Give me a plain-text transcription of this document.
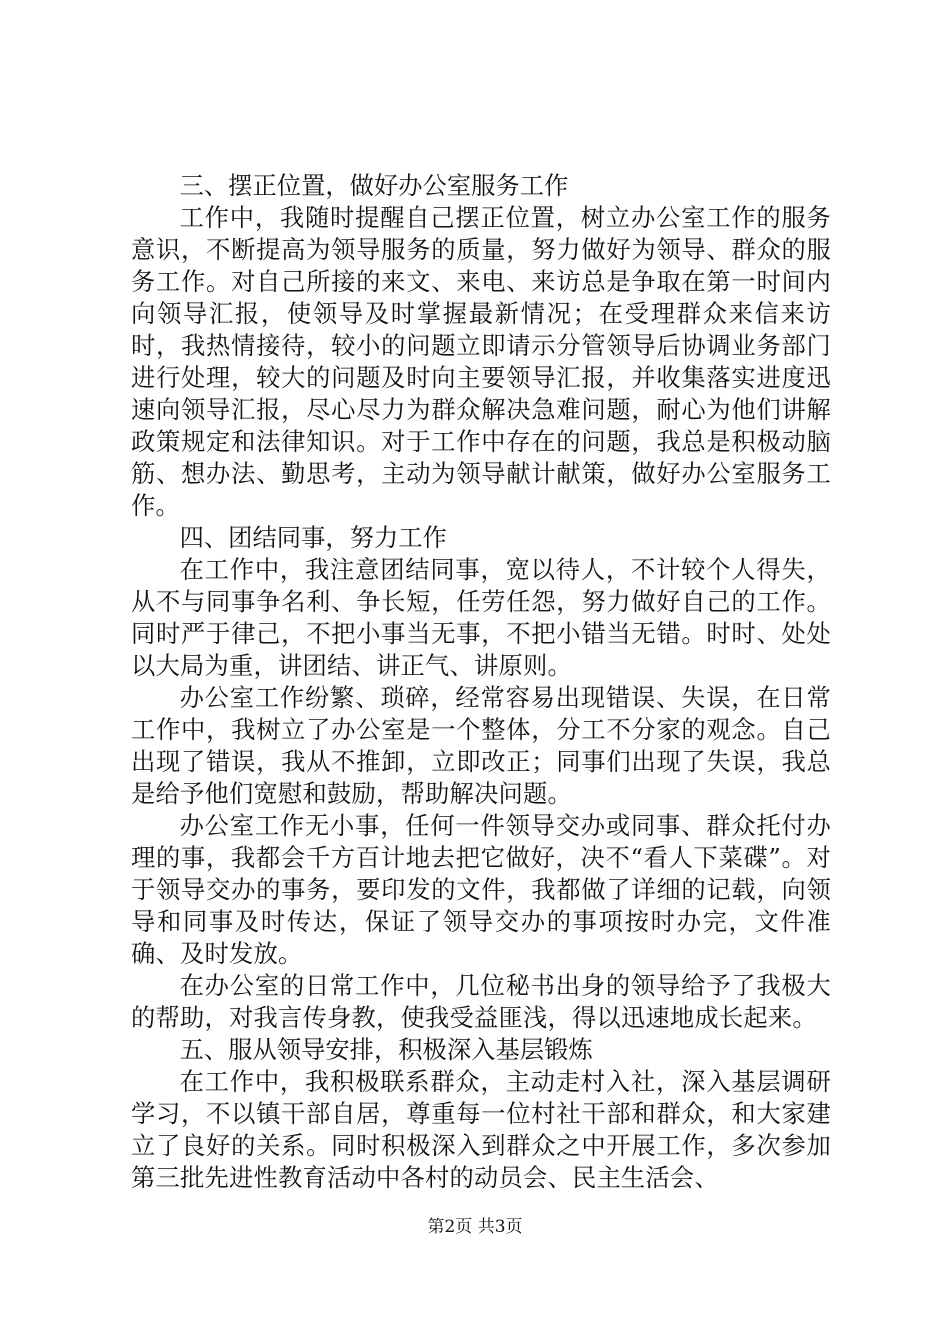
三、摆正位置，做好办公室服务工作

工作中，我随时提醒自己摆正位置，树立办公室工作的服务意识，不断提高为领导服务的质量，努力做好为领导、群众的服务工作。对自己所接的来文、来电、来访总是争取在第一时间内向领导汇报，使领导及时掌握最新情况；在受理群众来信来访时，我热情接待，较小的问题立即请示分管领导后协调业务部门进行处理，较大的问题及时向主要领导汇报，并收集落实进度迅速向领导汇报，尽心尽力为群众解决急难问题，耐心为他们讲解政策规定和法律知识。对于工作中存在的问题，我总是积极动脑筋、想办法、勤思考，主动为领导献计献策，做好办公室服务工作。

四、团结同事，努力工作

在工作中，我注意团结同事，宽以待人，不计较个人得失，从不与同事争名利、争长短，任劳任怨，努力做好自己的工作。同时严于律己，不把小事当无事，不把小错当无错。时时、处处以大局为重，讲团结、讲正气、讲原则。

办公室工作纷繁、琐碎，经常容易出现错误、失误，在日常工作中，我树立了办公室是一个整体，分工不分家的观念。自己出现了错误，我从不推卸，立即改正；同事们出现了失误，我总是给予他们宽慰和鼓励，帮助解决问题。

办公室工作无小事，任何一件领导交办或同事、群众托付办理的事，我都会千方百计地去把它做好，决不“看人下菜碟”。对于领导交办的事务，要印发的文件，我都做了详细的记载，向领导和同事及时传达，保证了领导交办的事项按时办完，文件准确、及时发放。

在办公室的日常工作中，几位秘书出身的领导给予了我极大的帮助，对我言传身教，使我受益匪浅，得以迅速地成长起来。

五、服从领导安排，积极深入基层锻炼

在工作中，我积极联系群众，主动走村入社，深入基层调研学习，不以镇干部自居，尊重每一位村社干部和群众，和大家建立了良好的关系。同时积极深入到群众之中开展工作，多次参加第三批先进性教育活动中各村的动员会、民主生活会、

第2页 共3页
